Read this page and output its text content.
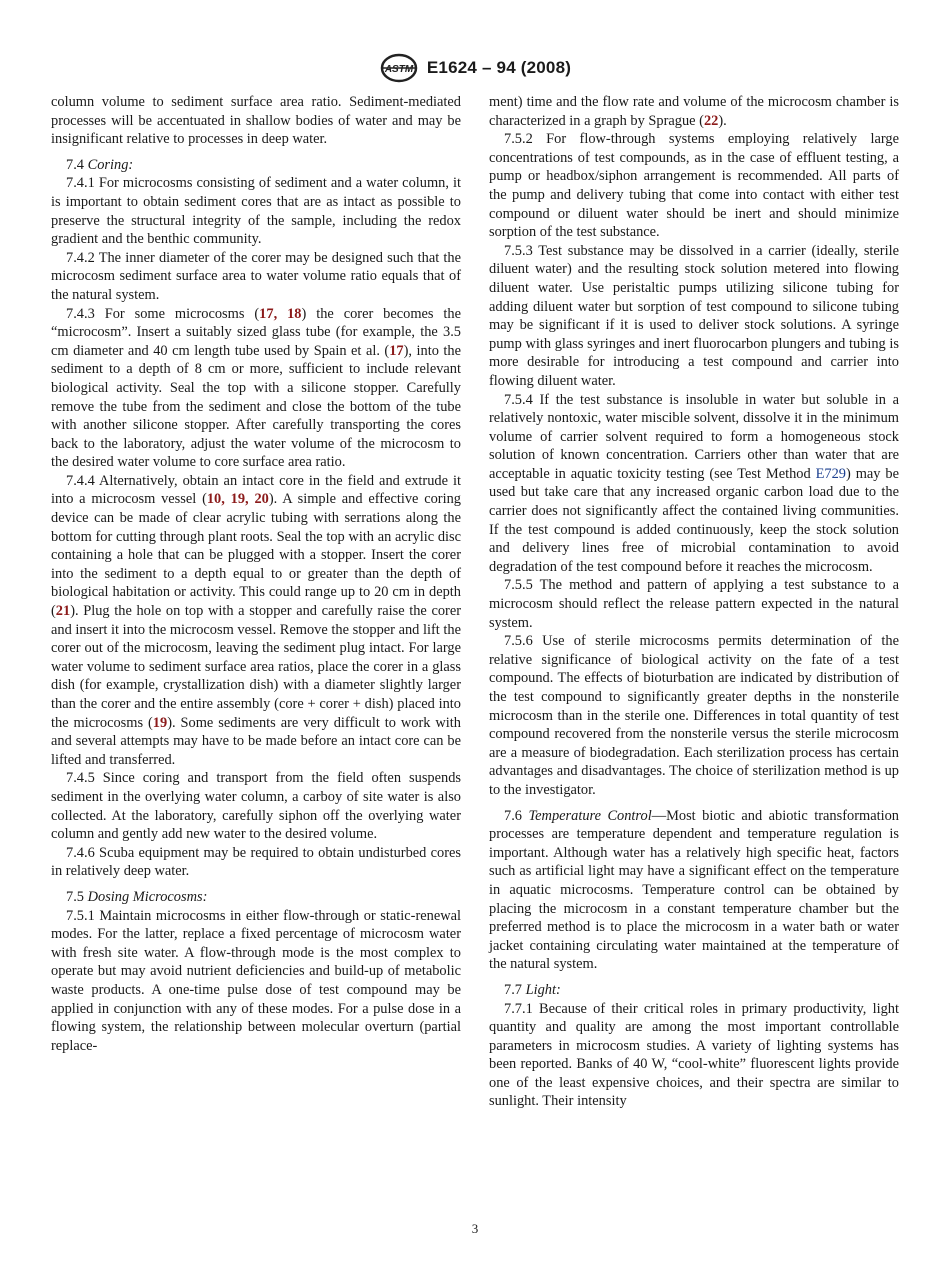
ASTM E1624 – 94 (2008)

column volume to sediment surface area ratio. Sediment-mediated processes will be accentuated in shallow bodies of water and may be insignificant relative to processes in deep water.

7.4 Coring:

7.4.1 For microcosms consisting of sediment and a water column, it is important to obtain sediment cores that are as intact as possible to preserve the structural integrity of the sample, including the redox gradient and the benthic community.

7.4.2 The inner diameter of the corer may be designed such that the microcosm sediment surface area to water volume ratio equals that of the natural system.

7.4.3 For some microcosms (17, 18) the corer becomes the “microcosm”. Insert a suitably sized glass tube (for example, the 3.5 cm diameter and 40 cm length tube used by Spain et al. (17), into the sediment to a depth of 8 cm or more, sufficient to include relevant biological activity. Seal the top with a silicone stopper. Carefully remove the tube from the sediment and close the bottom of the tube with another silicone stopper. After carefully transporting the cores back to the laboratory, adjust the water volume of the microcosm to the desired water volume to core surface area ratio.

7.4.4 Alternatively, obtain an intact core in the field and extrude it into a microcosm vessel (10, 19, 20). A simple and effective coring device can be made of clear acrylic tubing with serrations along the bottom for cutting through plant roots. Seal the top with an acrylic disc containing a hole that can be plugged with a stopper. Insert the corer into the sediment to a depth equal to or greater than the depth of biological habitation or activity. This could range up to 20 cm in depth (21). Plug the hole on top with a stopper and carefully raise the corer and insert it into the microcosm vessel. Remove the stopper and lift the corer out of the microcosm, leaving the sediment plug intact. For large water volume to sediment surface area ratios, place the corer in a glass dish (for example, crystallization dish) with a diameter slightly larger than the corer and the entire assembly (core + corer + dish) placed into the microcosms (19). Some sediments are very difficult to work with and several attempts may have to be made before an intact core can be lifted and transferred.

7.4.5 Since coring and transport from the field often suspends sediment in the overlying water column, a carboy of site water is also collected. At the laboratory, carefully siphon off the overlying water column and gently add new water to the desired volume.

7.4.6 Scuba equipment may be required to obtain undisturbed cores in relatively deep water.

7.5 Dosing Microcosms:

7.5.1 Maintain microcosms in either flow-through or static-renewal modes. For the latter, replace a fixed percentage of microcosm water with fresh site water. A flow-through mode is the most complex to operate but may avoid nutrient deficiencies and build-up of metabolic waste products. A one-time pulse dose of test compound may be applied in conjunction with any of these modes. For a pulse dose in a flowing system, the relationship between molecular overturn (partial replace-

ment) time and the flow rate and volume of the microcosm chamber is characterized in a graph by Sprague (22).

7.5.2 For flow-through systems employing relatively large concentrations of test compounds, as in the case of effluent testing, a pump or headbox/siphon arrangement is recommended. All parts of the pump and delivery tubing that come into contact with either test compound or diluent water should be inert and should minimize sorption of the test substance.

7.5.3 Test substance may be dissolved in a carrier (ideally, sterile diluent water) and the resulting stock solution metered into flowing diluent water. Use peristaltic pumps utilizing silicone tubing for adding diluent water but sorption of test compound to silicone tubing may be significant if it is used to deliver stock solutions. A syringe pump with glass syringes and inert fluorocarbon plungers and tubing is more desirable for introducing a test compound and carrier into flowing diluent water.

7.5.4 If the test substance is insoluble in water but soluble in a relatively nontoxic, water miscible solvent, dissolve it in the minimum volume of carrier solvent required to form a homogeneous stock solution of known concentration. Carriers other than water that are acceptable in aquatic toxicity testing (see Test Method E729) may be used but take care that any increased organic carbon load due to the carrier does not significantly affect the contained living communities. If the test compound is added continuously, keep the stock solution and delivery lines free of microbial contamination to avoid degradation of the test compound before it reaches the microcosm.

7.5.5 The method and pattern of applying a test substance to a microcosm should reflect the release pattern expected in the natural system.

7.5.6 Use of sterile microcosms permits determination of the relative significance of biological activity on the fate of a test compound. The effects of bioturbation are indicated by distribution of the test compound to significantly greater depths in the nonsterile microcosm than in the sterile one. Differences in total quantity of test compound recovered from the nonsterile versus the sterile microcosm are a measure of biodegradation. Each sterilization process has certain advantages and disadvantages. The choice of sterilization method is up to the investigator.

7.6 Temperature Control—Most biotic and abiotic transformation processes are temperature dependent and temperature regulation is important. Although water has a relatively high specific heat, factors such as artificial light may have a significant effect on the temperature in aquatic microcosms. Temperature control can be obtained by placing the microcosm in a constant temperature chamber but the preferred method is to place the microcosm in a water bath or water jacket containing circulating water maintained at the temperature of the natural system.

7.7 Light:

7.7.1 Because of their critical roles in primary productivity, light quantity and quality are among the most important controllable parameters in microcosm studies. A variety of lighting systems has been reported. Banks of 40 W, “cool-white” fluorescent lights provide one of the least expensive choices, and their spectra are similar to sunlight. Their intensity

3
